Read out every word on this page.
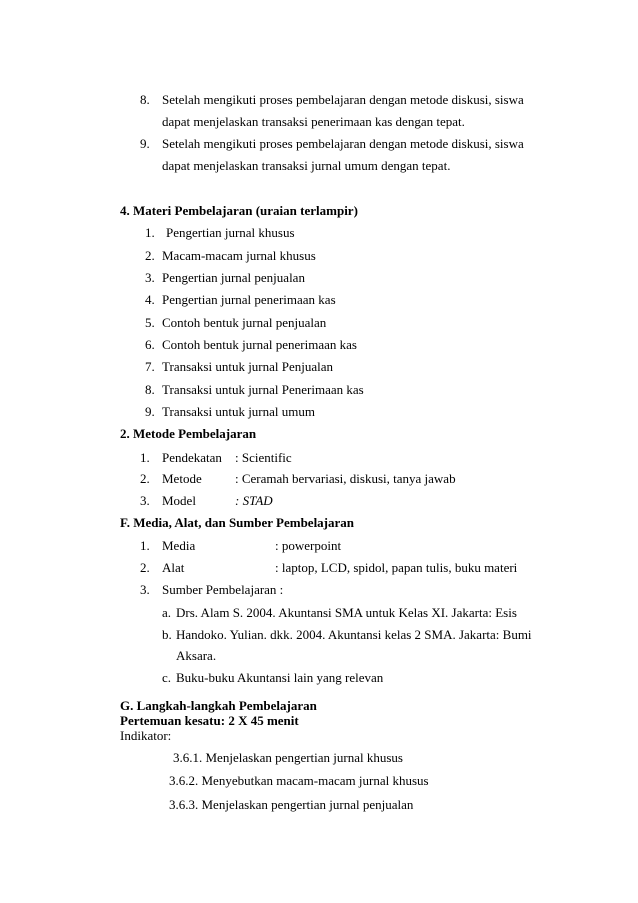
8. Setelah mengikuti proses pembelajaran dengan metode diskusi, siswa
dapat menjelaskan transaksi penerimaan kas dengan tepat.
9. Setelah mengikuti proses pembelajaran dengan metode diskusi, siswa
dapat menjelaskan transaksi jurnal umum dengan tepat.
4. Materi Pembelajaran (uraian terlampir)
1. Pengertian jurnal khusus
2. Macam-macam jurnal khusus
3. Pengertian jurnal penjualan
4. Pengertian jurnal penerimaan kas
5. Contoh bentuk jurnal penjualan
6. Contoh bentuk jurnal penerimaan kas
7. Transaksi untuk jurnal Penjualan
8. Transaksi untuk jurnal Penerimaan kas
9. Transaksi untuk jurnal umum
2. Metode Pembelajaran
1. Pendekatan : Scientific
2. Metode	: Ceramah bervariasi, diskusi, tanya jawab
3. Model	: STAD
F. Media, Alat, dan Sumber Pembelajaran
1. Media	: powerpoint
2. Alat	: laptop, LCD, spidol, papan tulis, buku materi
3. Sumber Pembelajaran :
a. Drs. Alam S. 2004. Akuntansi SMA untuk Kelas XI. Jakarta: Esis
b. Handoko. Yulian. dkk. 2004. Akuntansi kelas 2 SMA. Jakarta: Bumi
Aksara.
c. Buku-buku Akuntansi lain yang relevan
G. Langkah-langkah Pembelajaran
Pertemuan kesatu: 2 X 45 menit
Indikator:
3.6.1. Menjelaskan pengertian jurnal khusus
3.6.2. Menyebutkan macam-macam jurnal khusus
3.6.3. Menjelaskan pengertian jurnal penjualan
